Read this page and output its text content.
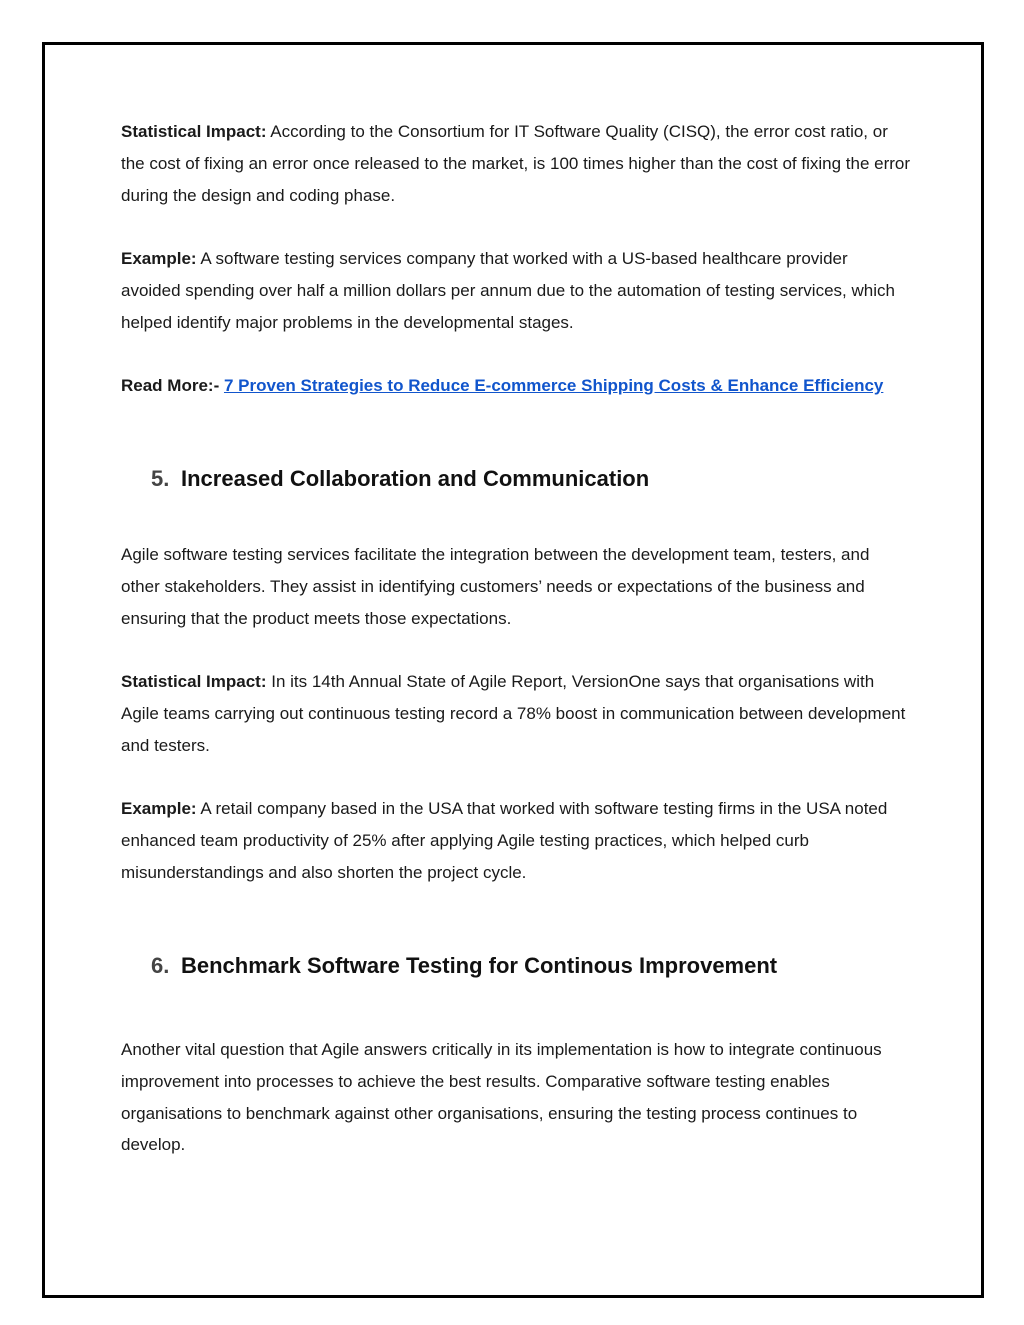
Statistical Impact: According to the Consortium for IT Software Quality (CISQ), the error cost ratio, or the cost of fixing an error once released to the market, is 100 times higher than the cost of fixing the error during the design and coding phase.

Example: A software testing services company that worked with a US-based healthcare provider avoided spending over half a million dollars per annum due to the automation of testing services, which helped identify major problems in the developmental stages.

Read More:- 7 Proven Strategies to Reduce E-commerce Shipping Costs & Enhance Efficiency

5. Increased Collaboration and Communication

Agile software testing services facilitate the integration between the development team, testers, and other stakeholders. They assist in identifying customers’ needs or expectations of the business and ensuring that the product meets those expectations.

Statistical Impact: In its 14th Annual State of Agile Report, VersionOne says that organisations with Agile teams carrying out continuous testing record a 78% boost in communication between development and testers.

Example: A retail company based in the USA that worked with software testing firms in the USA noted enhanced team productivity of 25% after applying Agile testing practices, which helped curb misunderstandings and also shorten the project cycle.

6. Benchmark Software Testing for Continous Improvement

Another vital question that Agile answers critically in its implementation is how to integrate continuous improvement into processes to achieve the best results. Comparative software testing enables organisations to benchmark against other organisations, ensuring the testing process continues to develop.
